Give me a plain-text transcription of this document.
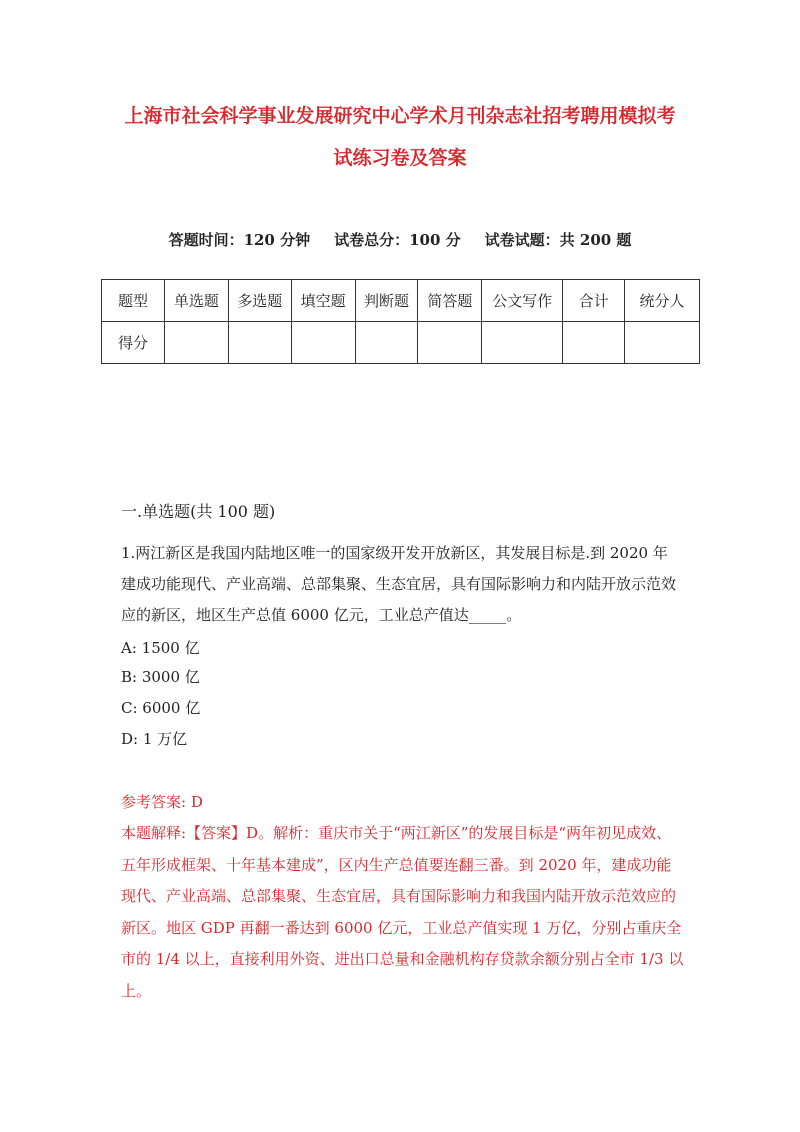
上海市社会科学事业发展研究中心学术月刊杂志社招考聘用模拟考
试练习卷及答案
答题时间：120 分钟 试卷总分：100 分 试卷试题：共 200 题
题型	单选题	多选题	填空题	判断题	简答题	公文写作	合计	统分人
得分								
一.单选题(共 100 题)
1.两江新区是我国内陆地区唯一的国家级开发开放新区，其发展目标是.到 2020 年建成功能现代、产业高端、总部集聚、生态宜居，具有国际影响力和内陆开放示范效应的新区，地区生产总值 6000 亿元，工业总产值达_____。
A: 1500 亿
B: 3000 亿
C: 6000 亿
D: 1 万亿
参考答案: D
本题解释:【答案】D。解析：重庆市关于“两江新区”的发展目标是“两年初见成效、五年形成框架、十年基本建成”，区内生产总值要连翻三番。到 2020 年，建成功能现代、产业高端、总部集聚、生态宜居，具有国际影响力和我国内陆开放示范效应的新区。地区 GDP 再翻一番达到 6000 亿元，工业总产值实现 1 万亿，分别占重庆全市的 1/4 以上，直接利用外资、进出口总量和金融机构存贷款余额分别占全市 1/3 以上。
